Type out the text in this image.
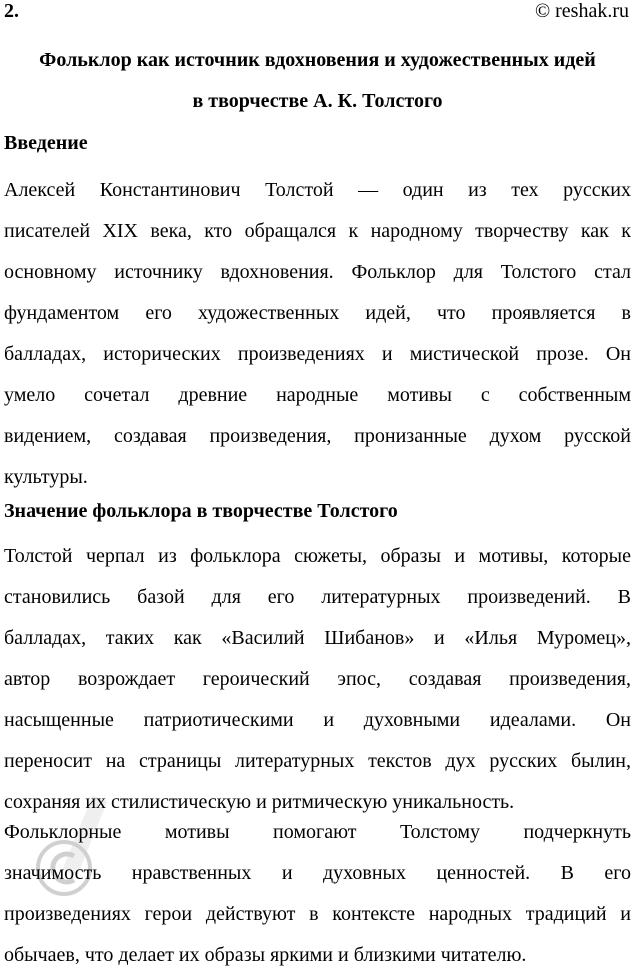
2.	© reshak.ru
Фольклор как источник вдохновения и художественных идей
в творчестве А. К. Толстого
Введение
Алексей Константинович Толстой — один из тех русских
писателей XIX века, кто обращался к народному творчеству как к
основному источнику вдохновения. Фольклор для Толстого стал
фундаментом его художественных идей, что проявляется в
балладах, исторических произведениях и мистической прозе. Он
умело сочетал древние народные мотивы с собственным
видением, создавая произведения, пронизанные духом русской
культуры.
Значение фольклора в творчестве Толстого
Толстой черпал из фольклора сюжеты, образы и мотивы, которые
становились базой для его литературных произведений. В
балладах, таких как «Василий Шибанов» и «Илья Муромец»,
автор возрождает героический эпос, создавая произведения,
насыщенные патриотическими и духовными идеалами. Он
переносит на страницы литературных текстов дух русских былин,
сохраняя их стилистическую и ритмическую уникальность.
Фольклорные мотивы помогают Толстому подчеркнуть
значимость нравственных и духовных ценностей. В его
произведениях герои действуют в контексте народных традиций и
обычаев, что делает их образы яркими и близкими читателю.
